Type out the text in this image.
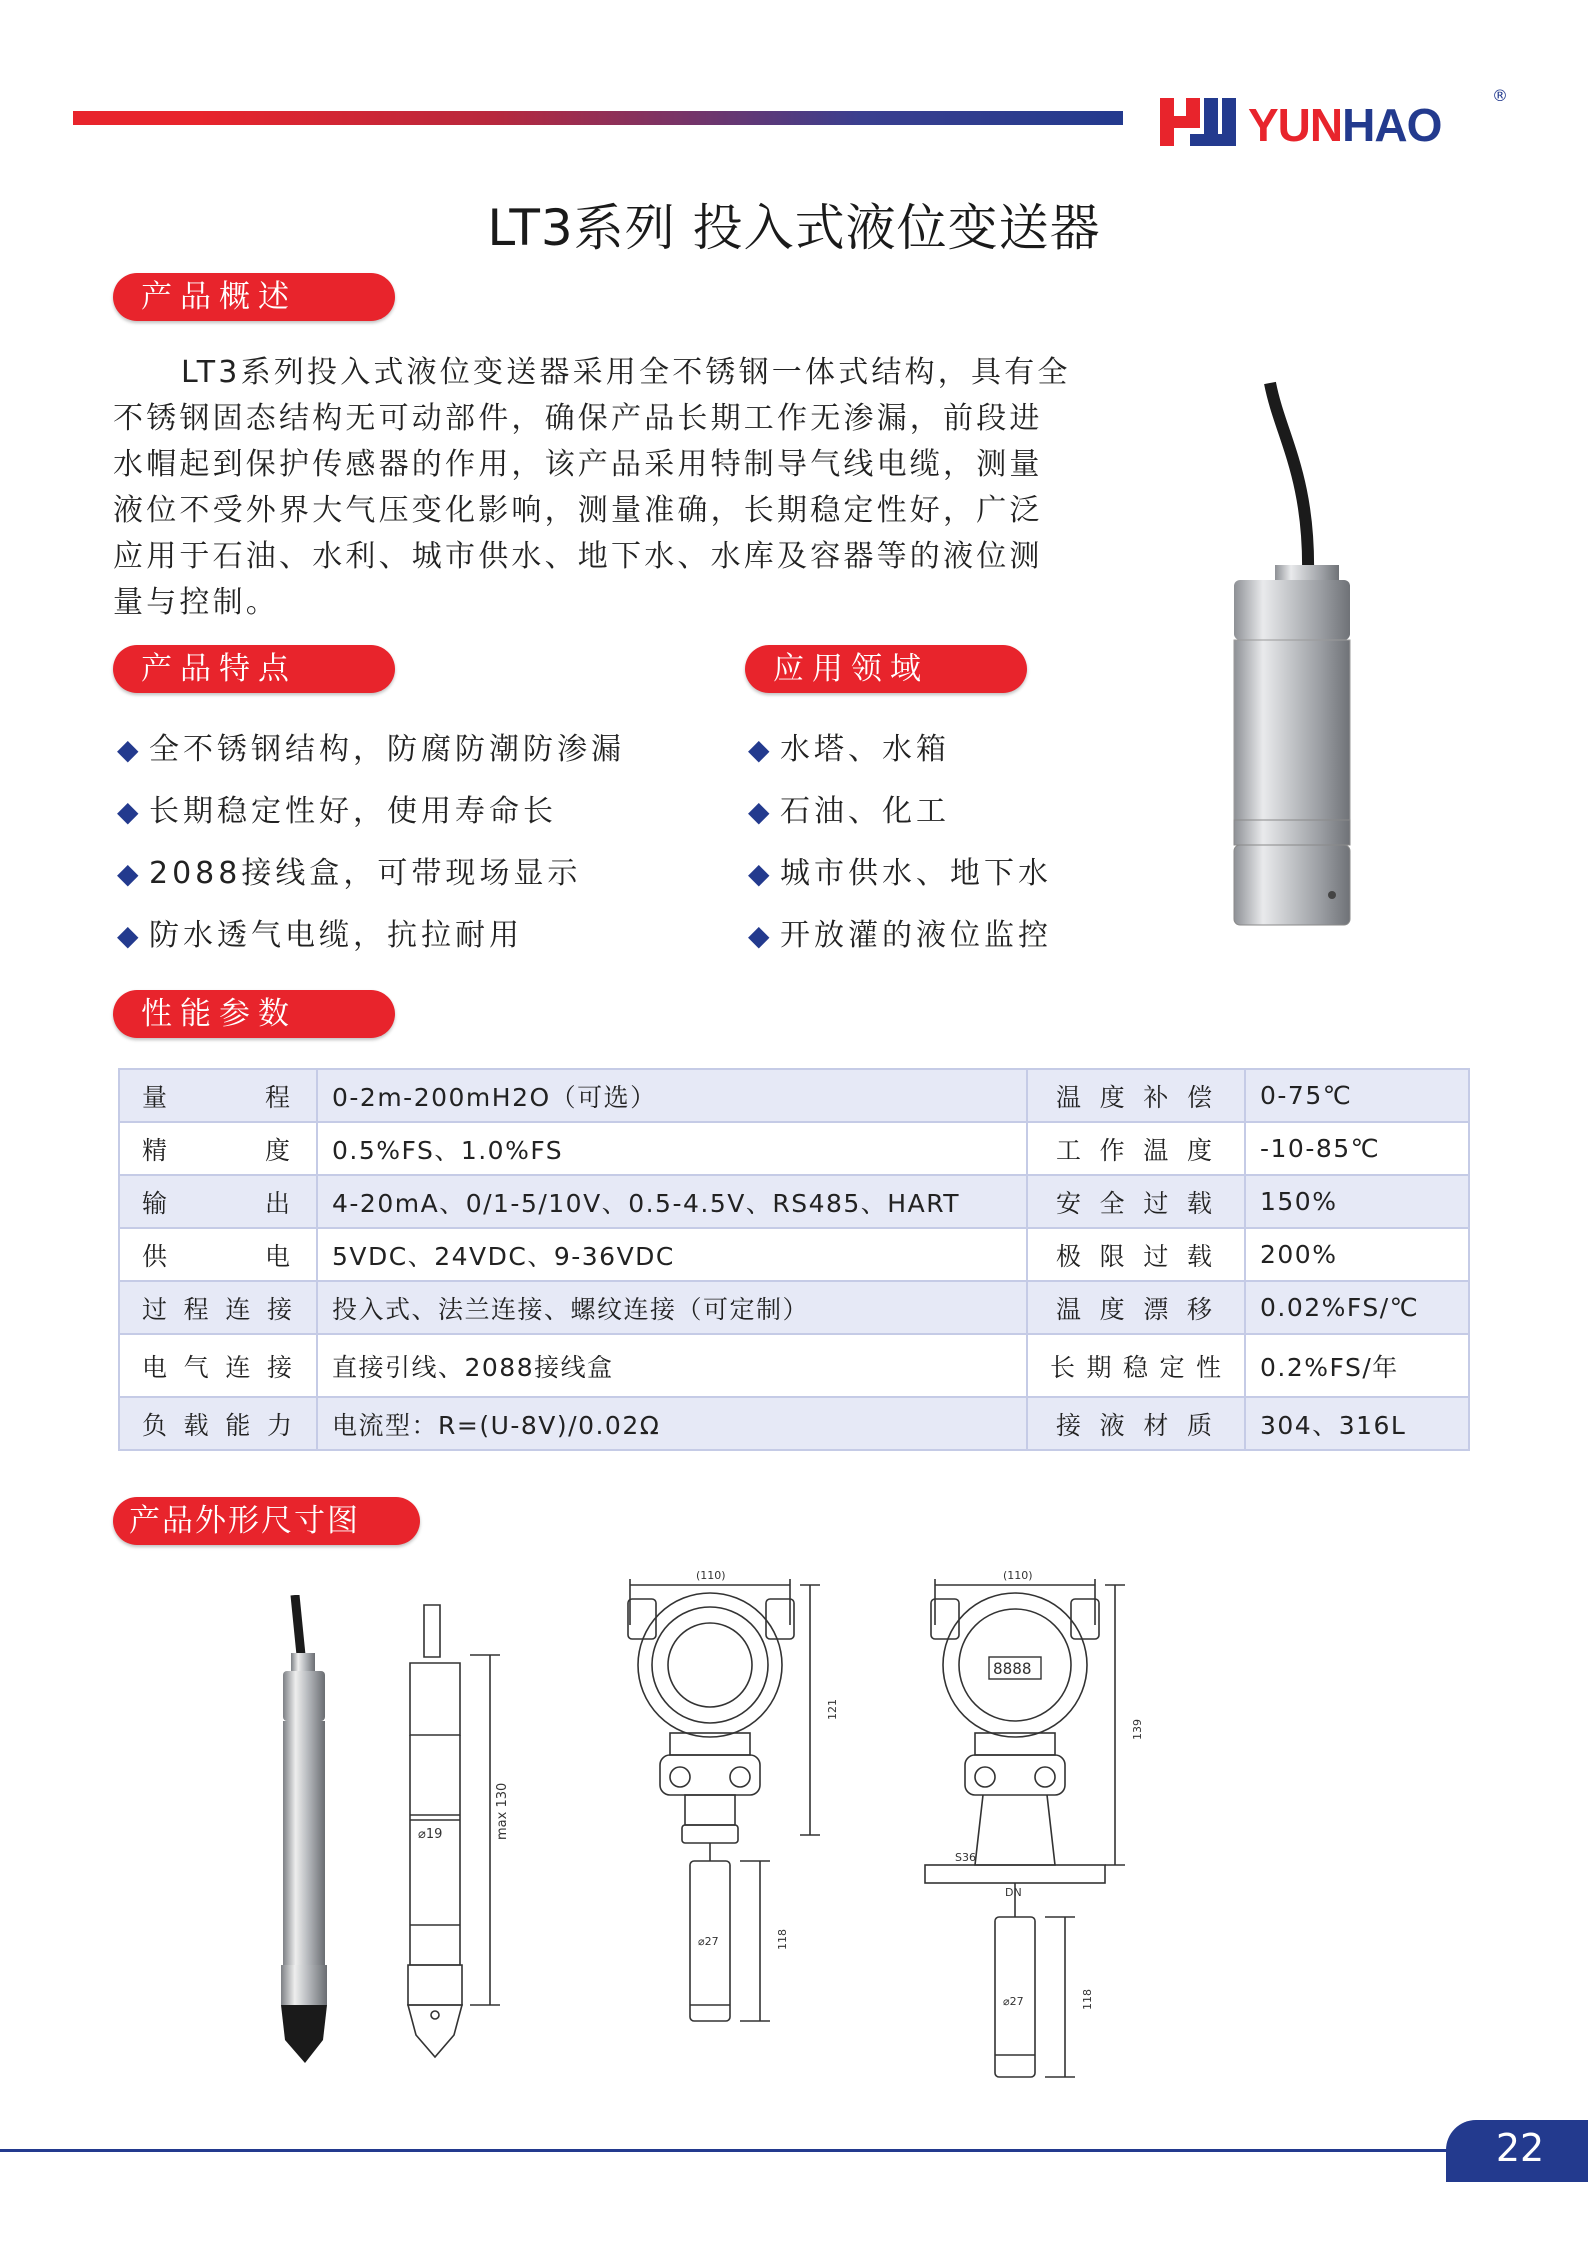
YUNHAO
®
LT3系列 投入式液位变送器
产品概述

LT3系列投入式液位变送器采用全不锈钢一体式结构，具有全

不锈钢固态结构无可动部件，确保产品长期工作无渗漏，前段进

水帽起到保护传感器的作用，该产品采用特制导气线电缆，测量

液位不受外界大气压变化影响，测量准确，长期稳定性好，广泛

应用于石油、水利、城市供水、地下水、水库及容器等的液位测

量与控制。

产品特点	应用领域
◆ 全不锈钢结构，防腐防潮防渗漏
◆ 长期稳定性好，使用寿命长
◆ 2088接线盒，可带现场显示
◆ 防水透气电缆，抗拉耐用
◆ 水塔、水箱
◆ 石油、化工
◆ 城市供水、地下水
◆ 开放灌的液位监控
性能参数
量程	0-2m-200mH2O（可选）	温度补偿	0-75℃
精度	0.5%FS、1.0%FS	工作温度	-10-85℃
输出	4-20mA、0/1-5/10V、0.5-4.5V、RS485、HART	安全过载	150%
供电	5VDC、24VDC、9-36VDC	极限过载	200%
过程连接	投入式、法兰连接、螺纹连接（可定制）	温度漂移	0.02%FS/℃
电气连接	直接引线、2088接线盒	长期稳定性	0.2%FS/年
负载能力	电流型：R=(U-8V)/0.02Ω	接液材质	304、316L
产品外形尺寸图
⌀19	max 130
(110)
121
⌀27	118
8888
(110)
139
S36
DN
⌀27	118
22
